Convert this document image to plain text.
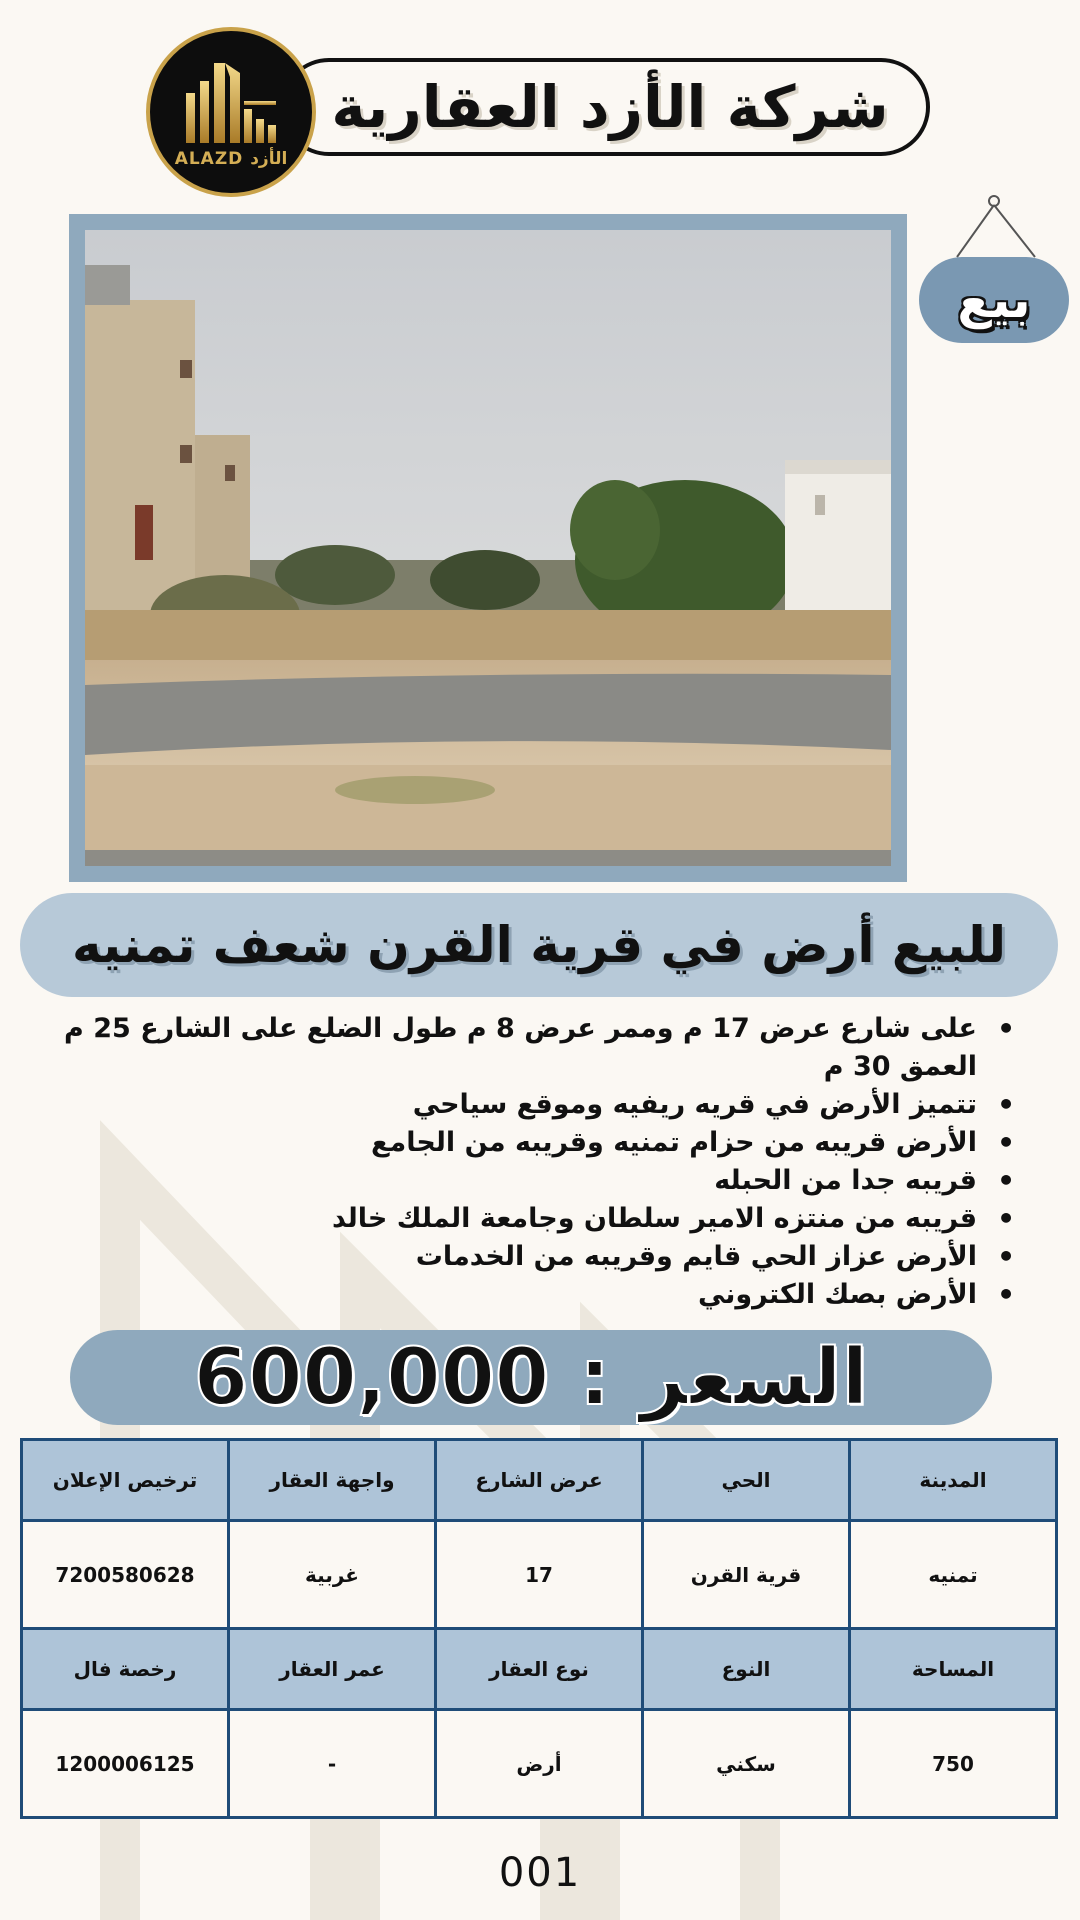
شركة الأزد العقارية
ALAZD الأزد
بيع
للبيع أرض في قرية القرن شعف تمنيه
• على شارع عرض 17 م وممر عرض 8 م طول الضلع على الشارع 25 م العمق 30 م
• تتميز الأرض في قريه ريفيه وموقع سياحي
• الأرض قريبه من حزام تمنيه وقريبه من الجامع
• قريبه جدا من الحبله
• قريبه من منتزه الامير سلطان وجامعة الملك خالد
• الأرض عزاز الحي قايم وقريبه من الخدمات
• الأرض بصك الكتروني
السعر
:
600,000
المدينة	الحي	عرض الشارع	واجهة العقار	ترخيص الإعلان
تمنيه	قرية القرن	17	غربية	7200580628
المساحة	النوع	نوع العقار	عمر العقار	رخصة فال
750	سكني	أرض	-	1200006125
001
